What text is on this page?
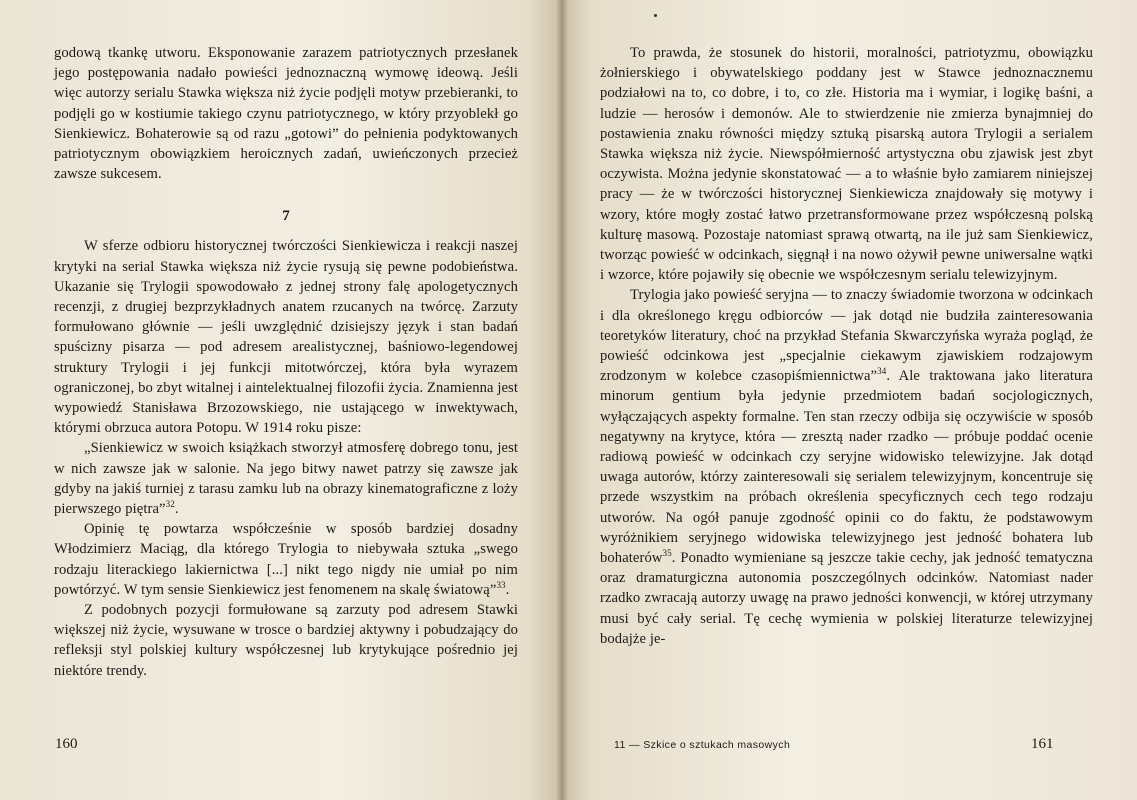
godową tkankę utworu. Eksponowanie zarazem patriotycznych przesłanek jego postępowania nadało powieści jednoznaczną wymowę ideową. Jeśli więc autorzy serialu Stawka większa niż życie podjęli motyw przebieranki, to podjęli go w kostiumie takiego czynu patriotycznego, w który przyoblekł go Sienkiewicz. Bohaterowie są od razu „gotowi” do pełnienia podyktowanych patriotycznym obowiązkiem heroicznych zadań, uwieńczonych przecież zawsze sukcesem.

7

W sferze odbioru historycznej twórczości Sienkiewicza i reakcji naszej krytyki na serial Stawka większa niż życie rysują się pewne podobieństwa. Ukazanie się Trylogii spowodowało z jednej strony falę apologetycznych recenzji, z drugiej bezprzykładnych anatem rzucanych na twórcę. Zarzuty formułowano głównie — jeśli uwzględnić dzisiejszy język i stan badań spuścizny pisarza — pod adresem arealistycznej, baśniowo-legendowej struktury Trylogii i jej funkcji mitotwórczej, która była wyrazem ograniczonej, bo zbyt witalnej i aintelektualnej filozofii życia. Znamienna jest wypowiedź Stanisława Brzozowskiego, nie ustającego w inwektywach, którymi obrzuca autora Potopu. W 1914 roku pisze:

„Sienkiewicz w swoich książkach stworzył atmosferę dobrego tonu, jest w nich zawsze jak w salonie. Na jego bitwy nawet patrzy się zawsze jak gdyby na jakiś turniej z tarasu zamku lub na obrazy kinematograficzne z loży pierwszego piętra”$^{32}$.

Opinię tę powtarza współcześnie w sposób bardziej dosadny Włodzimierz Maciąg, dla którego Trylogia to niebywała sztuka „swego rodzaju literackiego lakiernictwa [...] nikt tego nigdy nie umiał po nim powtórzyć. W tym sensie Sienkiewicz jest fenomenem na skalę światową”$^{33}$.

Z podobnych pozycji formułowane są zarzuty pod adresem Stawki większej niż życie, wysuwane w trosce o bardziej aktywny i pobudzający do refleksji styl polskiej kultury współczesnej lub krytykujące pośrednio jej niektóre trendy.

160

To prawda, że stosunek do historii, moralności, patriotyzmu, obowiązku żołnierskiego i obywatelskiego poddany jest w Stawce jednoznacznemu podziałowi na to, co dobre, i to, co złe. Historia ma i wymiar, i logikę baśni, a ludzie — herosów i demonów. Ale to stwierdzenie nie zmierza bynajmniej do postawienia znaku równości między sztuką pisarską autora Trylogii a serialem Stawka większa niż życie. Niewspółmierność artystyczna obu zjawisk jest zbyt oczywista. Można jedynie skonstatować — a to właśnie było zamiarem niniejszej pracy — że w twórczości historycznej Sienkiewicza znajdowały się motywy i wzory, które mogły zostać łatwo przetransformowane przez współczesną polską kulturę masową. Pozostaje natomiast sprawą otwartą, na ile już sam Sienkiewicz, tworząc powieść w odcinkach, sięgnął i na nowo ożywił pewne uniwersalne wątki i wzorce, które pojawiły się obecnie we współczesnym serialu telewizyjnym.

Trylogia jako powieść seryjna — to znaczy świadomie tworzona w odcinkach i dla określonego kręgu odbiorców — jak dotąd nie budziła zainteresowania teoretyków literatury, choć na przykład Stefania Skwarczyńska wyraża pogląd, że powieść odcinkowa jest „specjalnie ciekawym zjawiskiem rodzajowym zrodzonym w kolebce czasopiśmiennictwa”$^{34}$. Ale traktowana jako literatura minorum gentium była jedynie przedmiotem badań socjologicznych, wyłączających aspekty formalne. Ten stan rzeczy odbija się oczywiście w sposób negatywny na krytyce, która — zresztą nader rzadko — próbuje poddać ocenie radiową powieść w odcinkach czy seryjne widowisko telewizyjne. Jak dotąd uwaga autorów, którzy zainteresowali się serialem telewizyjnym, koncentruje się przede wszystkim na próbach określenia specyficznych cech tego rodzaju utworów. Na ogół panuje zgodność opinii co do faktu, że podstawowym wyróżnikiem seryjnego widowiska telewizyjnego jest jedność bohatera lub bohaterów$^{35}$. Ponadto wymieniane są jeszcze takie cechy, jak jedność tematyczna oraz dramaturgiczna autonomia poszczególnych odcinków. Natomiast nader rzadko zwracają autorzy uwagę na prawo jedności konwencji, w której utrzymany musi być cały serial. Tę cechę wymienia w polskiej literaturze telewizyjnej bodajże je-

11 — Szkice o sztukach masowych	161
